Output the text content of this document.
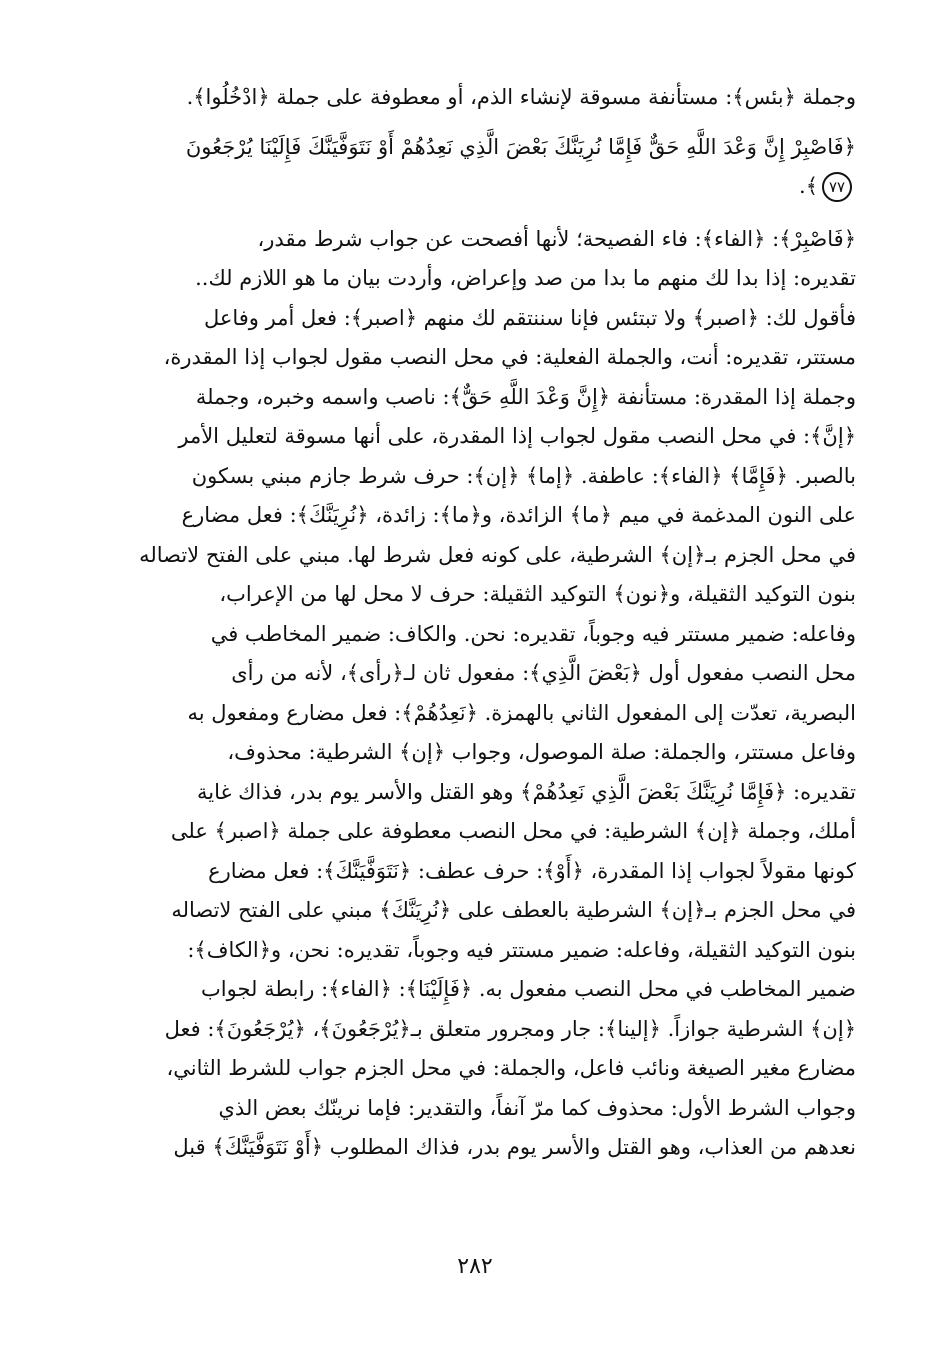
وجملة ﴿بئس﴾: مستأنفة مسوقة لإنشاء الذم، أو معطوفة على جملة ﴿ادْخُلُوا﴾.
﴿فَاصْبِرْ إِنَّ وَعْدَ اللَّهِ حَقٌّ فَإِمَّا نُرِيَنَّكَ بَعْضَ الَّذِي نَعِدُهُمْ أَوْ نَتَوَفَّيَنَّكَ فَإِلَيْنَا يُرْجَعُونَ
٧٧﴾.
﴿فَاصْبِرْ﴾: ﴿الفاء﴾: فاء الفصيحة؛ لأنها أفصحت عن جواب شرط مقدر،
تقديره: إذا بدا لك منهم ما بدا من صد وإعراض، وأردت بيان ما هو اللازم لك..
فأقول لك: ﴿اصبر﴾ ولا تبتئس فإنا سننتقم لك منهم ﴿اصبر﴾: فعل أمر وفاعل
مستتر، تقديره: أنت، والجملة الفعلية: في محل النصب مقول لجواب إذا المقدرة،
وجملة إذا المقدرة: مستأنفة ﴿إِنَّ وَعْدَ اللَّهِ حَقٌّ﴾: ناصب واسمه وخبره، وجملة
﴿إنَّ﴾: في محل النصب مقول لجواب إذا المقدرة، على أنها مسوقة لتعليل الأمر
بالصبر. ﴿فَإِمَّا﴾ ﴿الفاء﴾: عاطفة. ﴿إما﴾ ﴿إن﴾: حرف شرط جازم مبني بسكون
على النون المدغمة في ميم ﴿ما﴾ الزائدة، و﴿ما﴾: زائدة، ﴿نُرِيَنَّكَ﴾: فعل مضارع
في محل الجزم بـ﴿إن﴾ الشرطية، على كونه فعل شرط لها. مبني على الفتح لاتصاله
بنون التوكيد الثقيلة، و﴿نون﴾ التوكيد الثقيلة: حرف لا محل لها من الإعراب،
وفاعله: ضمير مستتر فيه وجوباً، تقديره: نحن. والكاف: ضمير المخاطب في
محل النصب مفعول أول ﴿بَعْضَ الَّذِي﴾: مفعول ثان لـ﴿رأى﴾، لأنه من رأى
البصرية، تعدّت إلى المفعول الثاني بالهمزة. ﴿نَعِدُهُمْ﴾: فعل مضارع ومفعول به
وفاعل مستتر، والجملة: صلة الموصول، وجواب ﴿إن﴾ الشرطية: محذوف،
تقديره: ﴿فَإِمَّا نُرِيَنَّكَ بَعْضَ الَّذِي نَعِدُهُمْ﴾ وهو القتل والأسر يوم بدر، فذاك غاية
أملك، وجملة ﴿إن﴾ الشرطية: في محل النصب معطوفة على جملة ﴿اصبر﴾ على
كونها مقولاً لجواب إذا المقدرة، ﴿أَوْ﴾: حرف عطف: ﴿نَتَوَفَّيَنَّكَ﴾: فعل مضارع
في محل الجزم بـ﴿إن﴾ الشرطية بالعطف على ﴿نُرِيَنَّكَ﴾ مبني على الفتح لاتصاله
بنون التوكيد الثقيلة، وفاعله: ضمير مستتر فيه وجوباً، تقديره: نحن، و﴿الكاف﴾:
ضمير المخاطب في محل النصب مفعول به. ﴿فَإِلَيْنَا﴾: ﴿الفاء﴾: رابطة لجواب
﴿إن﴾ الشرطية جوازاً. ﴿إلينا﴾: جار ومجرور متعلق بـ﴿يُرْجَعُونَ﴾، ﴿يُرْجَعُونَ﴾: فعل
مضارع مغير الصيغة ونائب فاعل، والجملة: في محل الجزم جواب للشرط الثاني،
وجواب الشرط الأول: محذوف كما مرّ آنفاً، والتقدير: فإما نرينّك بعض الذي
نعدهم من العذاب، وهو القتل والأسر يوم بدر، فذاك المطلوب ﴿أَوْ نَتَوَفَّيَنَّكَ﴾ قبل
٢٨٢
